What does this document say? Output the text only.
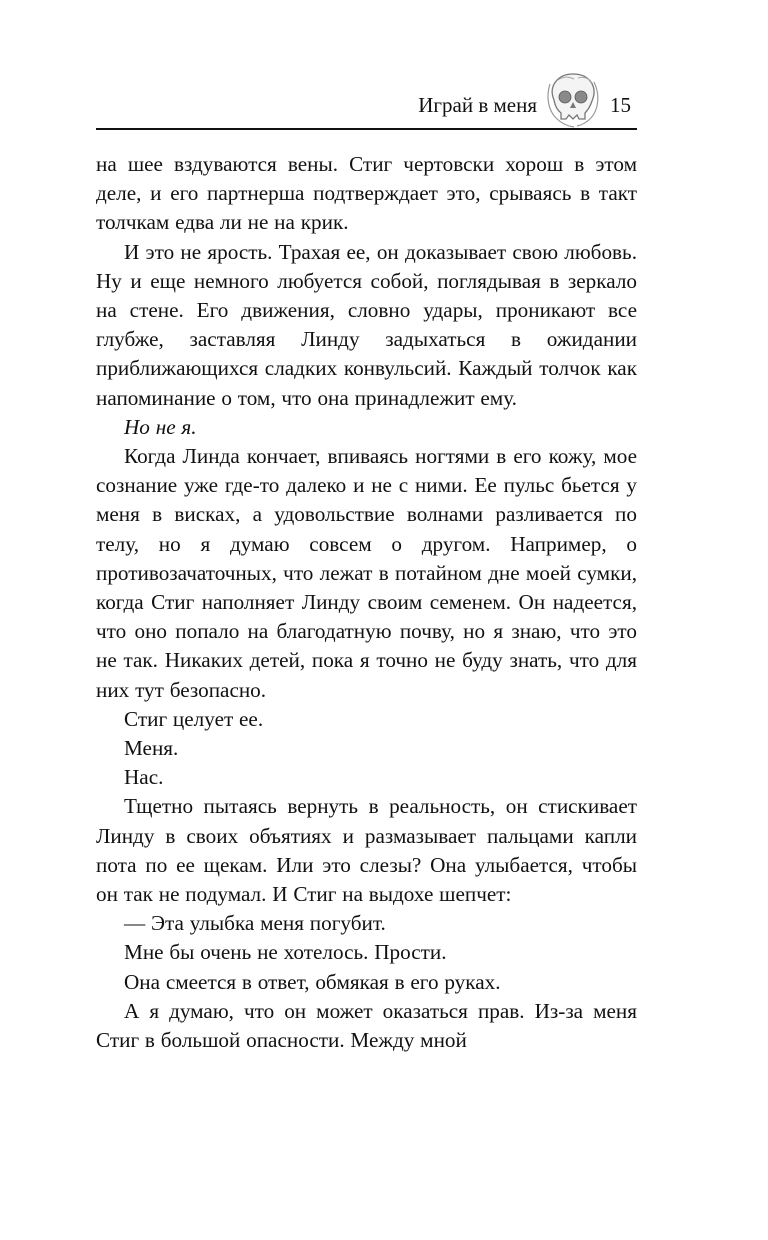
Играй в меня	15

на шее вздуваются вены. Стиг чертовски хорош в этом деле, и его партнерша подтверждает это, срываясь в такт толчкам едва ли не на крик.

И это не ярость. Трахая ее, он доказывает свою любовь. Ну и еще немного любуется собой, поглядывая в зеркало на стене. Его движения, словно удары, проникают все глубже, заставляя Линду задыхаться в ожидании приближающихся сладких конвульсий. Каждый толчок как напоминание о том, что она принадлежит ему.

Но не я.

Когда Линда кончает, впиваясь ногтями в его кожу, мое сознание уже где-то далеко и не с ними. Ее пульс бьется у меня в висках, а удовольствие волнами разливается по телу, но я думаю совсем о другом. Например, о противозачаточных, что лежат в потайном дне моей сумки, когда Стиг наполняет Линду своим семенем. Он надеется, что оно попало на благодатную почву, но я знаю, что это не так. Никаких детей, пока я точно не буду знать, что для них тут безопасно.

Стиг целует ее.

Меня.

Нас.

Тщетно пытаясь вернуть в реальность, он стискивает Линду в своих объятиях и размазывает пальцами капли пота по ее щекам. Или это слезы? Она улыбается, чтобы он так не подумал. И Стиг на выдохе шепчет:

— Эта улыбка меня погубит.

Мне бы очень не хотелось. Прости.

Она смеется в ответ, обмякая в его руках.

А я думаю, что он может оказаться прав. Из-за меня Стиг в большой опасности. Между мной
